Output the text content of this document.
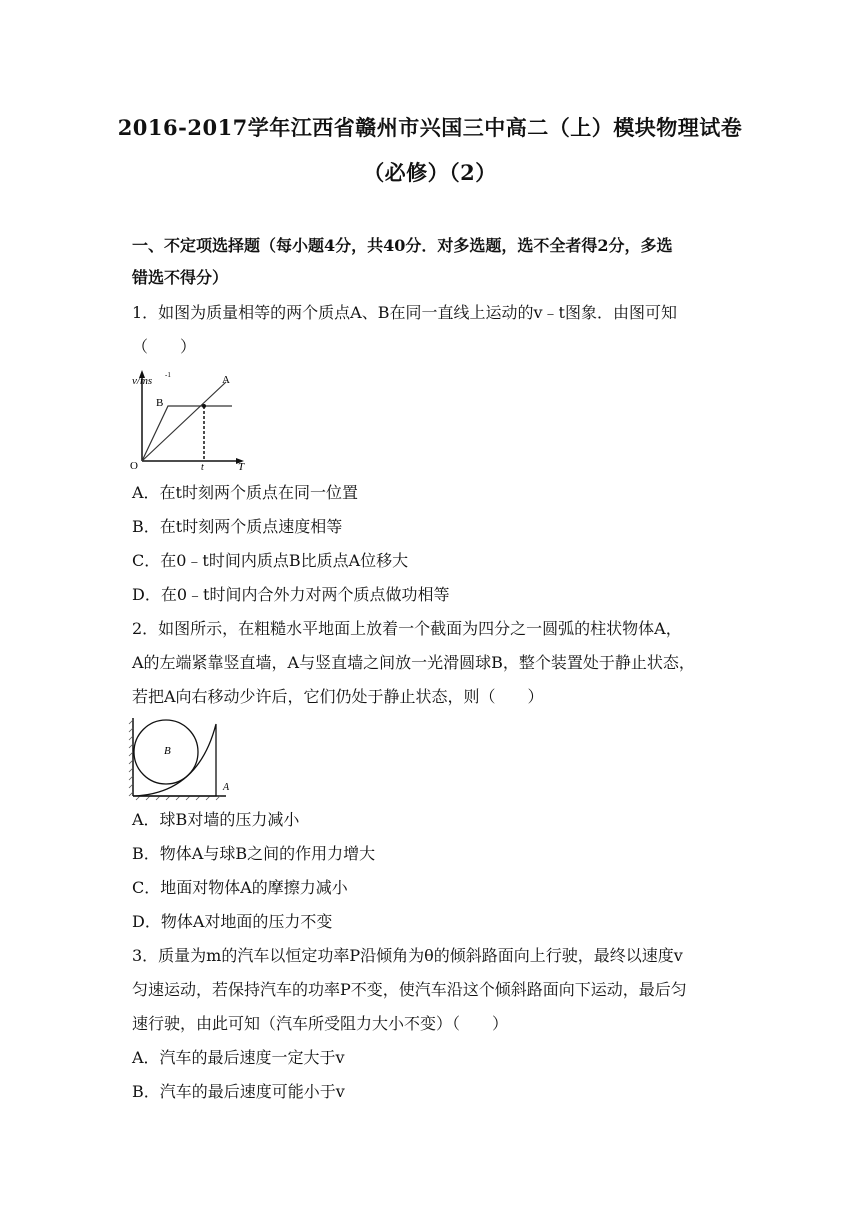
2016-2017学年江西省赣州市兴国三中高二（上）模块物理试卷
（必修）（2）
一、不定项选择题（每小题4分，共40分．对多选题，选不全者得2分，多选
错选不得分）
1．如图为质量相等的两个质点A、B在同一直线上运动的v﹣t图象．由图可知
（　　）
v/ms -1	A
B
O	t	T
A．在t时刻两个质点在同一位置
B．在t时刻两个质点速度相等
C．在0﹣t时间内质点B比质点A位移大
D．在0﹣t时间内合外力对两个质点做功相等
2．如图所示，在粗糙水平地面上放着一个截面为四分之一圆弧的柱状物体A，
A的左端紧靠竖直墙，A与竖直墙之间放一光滑圆球B，整个装置处于静止状态，
若把A向右移动少许后，它们仍处于静止状态，则（　　）
B
A
A．球B对墙的压力减小
B．物体A与球B之间的作用力增大
C．地面对物体A的摩擦力减小
D．物体A对地面的压力不变
3．质量为m的汽车以恒定功率P沿倾角为θ的倾斜路面向上行驶，最终以速度v
匀速运动，若保持汽车的功率P不变，使汽车沿这个倾斜路面向下运动，最后匀
速行驶，由此可知（汽车所受阻力大小不变）（　　）
A．汽车的最后速度一定大于v
B．汽车的最后速度可能小于v
